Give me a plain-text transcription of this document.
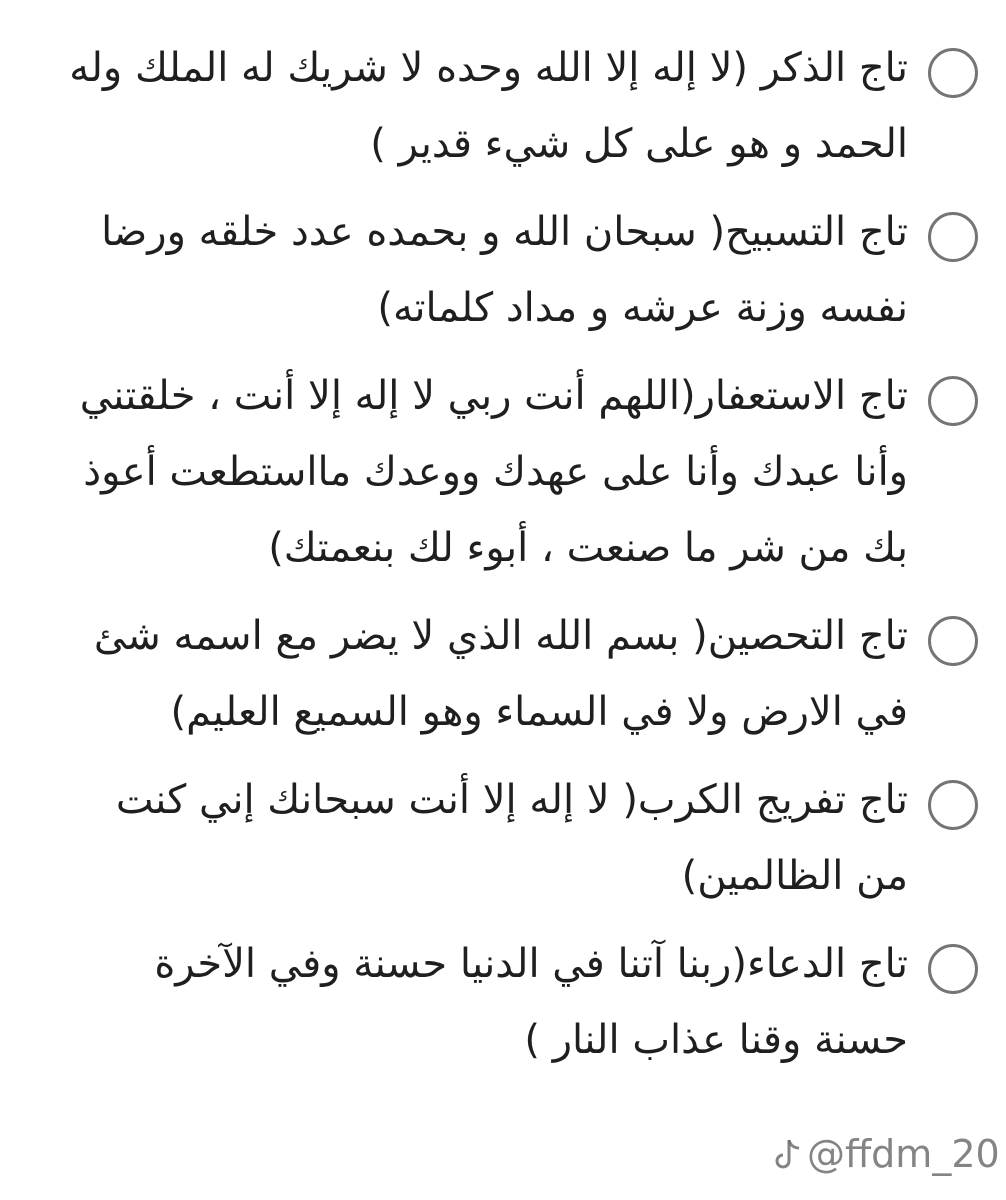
تاج الذكر (لا إله إلا الله وحده لا شريك له الملك وله الحمد و هو على كل شيء قدير )
تاج التسبيح( سبحان الله و بحمده عدد خلقه ورضا نفسه وزنة عرشه و مداد كلماته)
تاج الاستعفار(اللهم أنت ربي لا إله إلا أنت ، خلقتني وأنا عبدك وأنا على عهدك ووعدك مااستطعت أعوذ بك من شر ما صنعت ، أبوء لك بنعمتك)
تاج التحصين( بسم الله الذي لا يضر مع اسمه شئ في الارض ولا في السماء وهو السميع العليم)
تاج تفريج الكرب( لا إله إلا أنت سبحانك إني كنت من الظالمين)
تاج الدعاء(ربنا آتنا في الدنيا حسنة وفي الآخرة حسنة وقنا عذاب النار )
@ffdm_20
